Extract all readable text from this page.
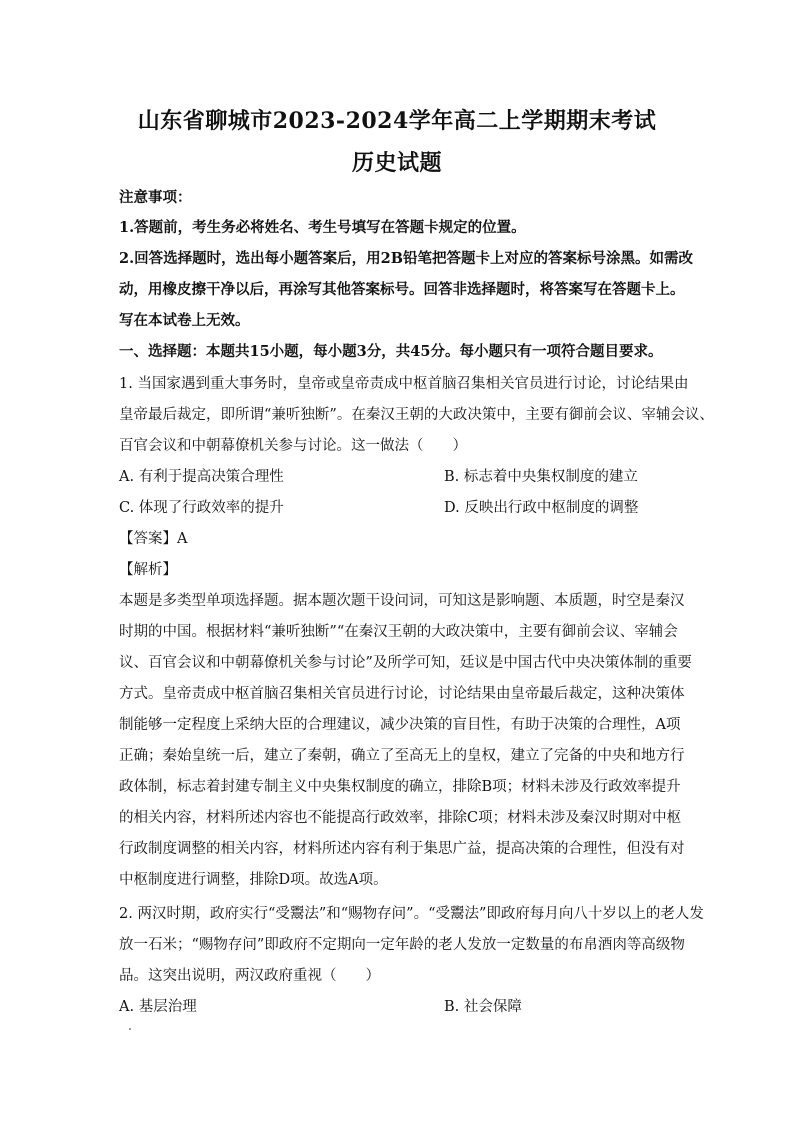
山东省聊城市2023-2024学年高二上学期期末考试
历史试题
注意事项：
1.答题前，考生务必将姓名、考生号填写在答题卡规定的位置。
2.回答选择题时，选出每小题答案后，用2B铅笔把答题卡上对应的答案标号涂黑。如需改
动，用橡皮擦干净以后，再涂写其他答案标号。回答非选择题时，将答案写在答题卡上。
写在本试卷上无效。
一、选择题：本题共15小题，每小题3分，共45分。每小题只有一项符合题目要求。
1. 当国家遇到重大事务时，皇帝或皇帝责成中枢首脑召集相关官员进行讨论，讨论结果由
皇帝最后裁定，即所谓“兼听独断”。在秦汉王朝的大政决策中，主要有御前会议、宰辅会议、
百官会议和中朝幕僚机关参与讨论。这一做法（　　）
A. 有利于提高决策合理性	B. 标志着中央集权制度的建立
C. 体现了行政效率的提升	D. 反映出行政中枢制度的调整
【答案】A
【解析】
本题是多类型单项选择题。据本题次题干设问词，可知这是影响题、本质题，时空是秦汉
时期的中国。根据材料“兼听独断”“在秦汉王朝的大政决策中，主要有御前会议、宰辅会
议、百官会议和中朝幕僚机关参与讨论”及所学可知，廷议是中国古代中央决策体制的重要
方式。皇帝责成中枢首脑召集相关官员进行讨论，讨论结果由皇帝最后裁定，这种决策体
制能够一定程度上采纳大臣的合理建议，减少决策的盲目性，有助于决策的合理性，A项
正确；秦始皇统一后，建立了秦朝，确立了至高无上的皇权，建立了完备的中央和地方行
政体制，标志着封建专制主义中央集权制度的确立，排除B项；材料未涉及行政效率提升
的相关内容，材料所述内容也不能提高行政效率，排除C项；材料未涉及秦汉时期对中枢
行政制度调整的相关内容，材料所述内容有利于集思广益，提高决策的合理性，但没有对
中枢制度进行调整，排除D项。故选A项。
2. 两汉时期，政府实行“受鬻法”和“赐物存问”。“受鬻法”即政府每月向八十岁以上的老人发
放一石米；“赐物存问”即政府不定期向一定年龄的老人发放一定数量的布帛酒肉等高级物
品。这突出说明，两汉政府重视（　　）
A. 基层治理	B. 社会保障
